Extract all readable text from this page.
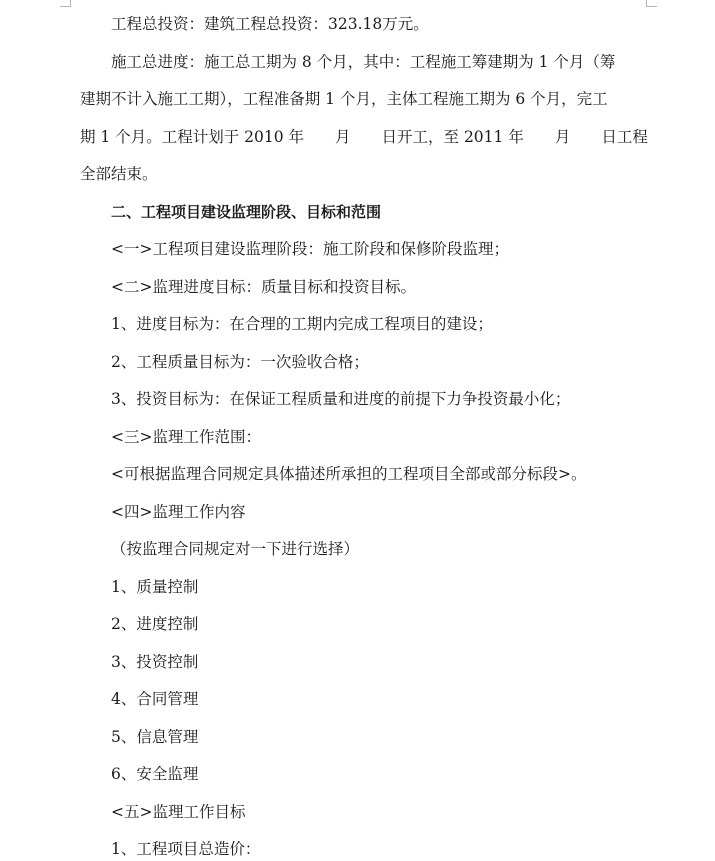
工程总投资：建筑工程总投资：323.18万元。
施工总进度：施工总工期为 8 个月，其中：工程施工筹建期为 1 个月（筹
建期不计入施工工期），工程准备期 1 个月，主体工程施工期为 6 个月，完工
期 1 个月。工程计划于 2010 年　　月　　日开工，至 2011 年　　月　　日工程
全部结束。
二、工程项目建设监理阶段、目标和范围
<一>工程项目建设监理阶段：施工阶段和保修阶段监理；
<二>监理进度目标：质量目标和投资目标。
1、进度目标为：在合理的工期内完成工程项目的建设；
2、工程质量目标为：一次验收合格；
3、投资目标为：在保证工程质量和进度的前提下力争投资最小化；
<三>监理工作范围：
<可根据监理合同规定具体描述所承担的工程项目全部或部分标段>。
<四>监理工作内容
（按监理合同规定对一下进行选择）
1、质量控制
2、进度控制
3、投资控制
4、合同管理
5、信息管理
6、安全监理
<五>监理工作目标
1、工程项目总造价：
